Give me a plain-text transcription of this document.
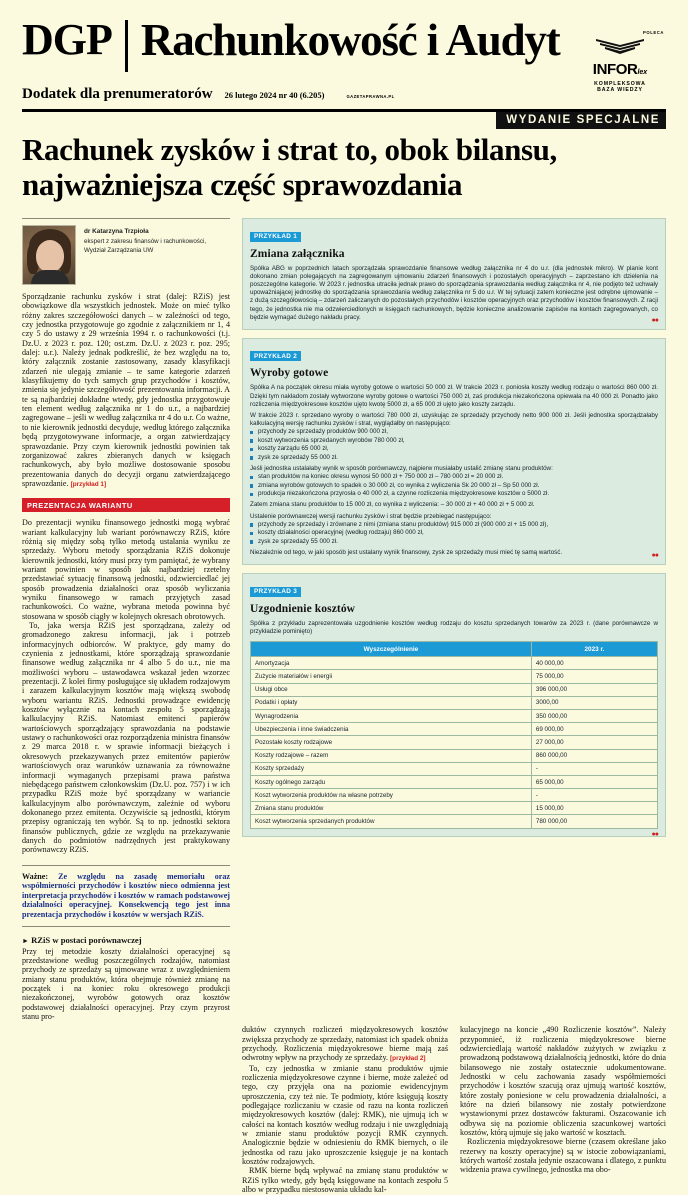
DGP Rachunkowość i Audyt
Dodatek dla prenumeratorów 26 lutego 2024 nr 40 (6.205)	GAZETAPRAWNA.PL
POLECA
INFORlex
KOMPLEKSOWA
BAZA WIEDZY
WYDANIE SPECJALNE
Rachunek zysków i strat to, obok bilansu, najważniejsza część sprawozdania
dr Katarzyna Trzpioła
ekspert z zakresu finansów i rachunkowości,
Wydział Zarządzania UW

Sporządzanie rachunku zysków i strat (dalej: RZiS) jest obowiązkowe dla wszystkich jednostek. Może on mieć tylko różny zakres szczegółowości danych – w zależności od tego, czy jednostka przygotowuje go zgodnie z załącznikiem nr 1, 4 czy 5 do ustawy z 29 września 1994 r. o rachunkowości (t.j. Dz.U. z 2023 r. poz. 120; ost.zm. Dz.U. z 2023 r. poz. 295; dalej: u.r.). Należy jednak podkreślić, że bez względu na to, który załącznik zostanie zastosowany, zasady klasyfikacji zdarzeń nie ulegają zmianie – te same kategorie zdarzeń klasyfikujemy do tych samych grup przychodów i kosztów, zmienia się jedynie szczegółowość prezentowania informacji. A te są najbardziej dokładne wtedy, gdy jednostka przygotowuje ten element według załącznika nr 1 do u.r., a najbardziej zagregowane – jeśli w według załącznika nr 4 do u.r. Co ważne, to nie kierownik jednostki decyduje, według którego załącznika będą przygotowywane informacje, a organ zatwierdzający sprawozdanie. Przy czym kierownik jednostki powinien tak zorganizować zakres zbieranych danych w księgach rachunkowych, aby było możliwe dostosowanie sposobu prezentowania danych do decyzji organu zatwierdzającego sprawozdanie. [przykład 1]

PREZENTACJA WARIANTU

Do prezentacji wyniku finansowego jednostki mogą wybrać wariant kalkulacyjny lub wariant porównawczy RZiS, które różnią się między sobą tylko metodą ustalania wyniku ze sprzedaży. Wyboru metody sporządzania RZiS dokonuje kierownik jednostki, który musi przy tym pamiętać, że wybrany wariant powinien w sposób jak najbardziej rzetelny przedstawiać sytuację finansową jednostki, odzwierciedlać jej sposób prowadzenia działalności oraz sposób wyliczania wyniku finansowego w ramach przyjętych zasad rachunkowości. Co ważne, wybrana metoda powinna być stosowana w sposób ciągły w kolejnych okresach obrotowych.

To, jaka wersja RZiS jest sporządzana, zależy od gromadzonego zakresu informacji, jak i potrzeb informacyjnych odbiorców. W praktyce, gdy mamy do czynienia z jednostkami, które sporządzają sprawozdanie finansowe według załącznika nr 4 albo 5 do u.r., nie ma możliwości wyboru – ustawodawca wskazał jeden wzorzec prezentacji. Z kolei firmy posługujące się układem rodzajowym i zarazem kalkulacyjnym kosztów mają większą swobodę wyboru wariantu RZiS. Jednostki prowadzące ewidencję kosztów wyłącznie na kontach zespołu 5 sporządzają kalkulacyjny RZiS. Natomiast emitenci papierów wartościowych sporządzający sprawozdania na podstawie ustawy o rachunkowości oraz rozporządzenia ministra finansów z 29 marca 2018 r. w sprawie informacji bieżących i okresowych przekazywanych przez emitentów papierów wartościowych oraz warunków uznawania za równoważne informacji wymaganych przepisami prawa państwa niebędącego państwem członkowskim (Dz.U. poz. 757) i w ich przypadku RZiS może być sporządzany w wariancie kalkulacyjnym albo porównawczym, zależnie od wyboru dokonanego przez emitenta. Oczywiście są jednostki, którym przepisy ograniczają ten wybór. Są to np. jednostki sektora finansów publicznych, gdzie ze względu na przekazywanie danych do podmiotów nadrzędnych jest praktykowany porównawczy RZiS.

Ważne: Ze względu na zasadę memoriału oraz współmierności przychodów i kosztów nieco odmienna jest interpretacja przychodów i kosztów w ramach podstawowej działalności operacyjnej. Konsekwencją tego jest inna prezentacja przychodów i kosztów w wersjach RZiS.

► RZiS w postaci porównawczej

Przy tej metodzie koszty działalności operacyjnej są przedstawione według poszczególnych rodzajów, natomiast przychody ze sprzedaży są ujmowane wraz z uwzględnieniem zmiany stanu produktów, która obejmuje również zmianę na początek i na koniec roku okresowego produkcji niezakończonej, wyrobów gotowych oraz kosztów podstawowej działalności operacyjnej. Przy czym przyrost stanu pro-

PRZYKŁAD 1
Zmiana załącznika

Spółka ABG w poprzednich latach sporządzała sprawozdanie finansowe według załącznika nr 4 do u.r. (dla jednostek mikro). W planie kont dokonano zmian polegających na zagregowanym ujmowaniu zdarzeń finansowych i pozostałych operacyjnych – zaprzestano ich dzielenia na poszczególne kategorie. W 2023 r. jednostka utraciła jednak prawo do sporządzania sprawozdania według załącznika nr 4, nie podjęto też uchwały upoważniającej jednostkę do sporządzania sprawozdania według załącznika nr 5 do u.r. W tej sytuacji zatem konieczne jest odrębne ujmowanie – z dużą szczegółowością – zdarzeń zaliczanych do pozostałych przychodów i kosztów operacyjnych oraz przychodów i kosztów finansowych. Z racji tego, że jednostka nie ma odzwierciedlonych w księgach rachunkowych, będzie konieczne analizowanie zapisów na kontach zagregowanych, co będzie wymagać dużego nakładu pracy.	●●
PRZYKŁAD 2
Wyroby gotowe

Spółka A na początek okresu miała wyroby gotowe o wartości 50 000 zł. W trakcie 2023 r. poniosła koszty według rodzaju o wartości 860 000 zł. Dzięki tym nakładom zostały wytworzone wyroby gotowe o wartości 750 000 zł, zaś produkcja niezakończona opiewała na 40 000 zł. Ponadto jako rozliczenia międzyokresowe kosztów ujęto kwotę 5000 zł, a 65 000 zł ujęto jako koszty zarządu.

W trakcie 2023 r. sprzedano wyroby o wartości 780 000 zł, uzyskując ze sprzedaży przychody netto 900 000 zł. Jeśli jednostka sporządzałaby kalkulacyjną wersję rachunku zysków i strat, wyglądałby on następująco:

przychody ze sprzedaży produktów 900 000 zł,
koszt wytworzenia sprzedanych wyrobów 780 000 zł,
koszty zarządu 65 000 zł,
zysk ze sprzedaży 55 000 zł.

Jeśli jednostka ustalałaby wynik w sposób porównawczy, najpierw musiałaby ustalić zmianę stanu produktów:

stan produktów na koniec okresu wynosi 50 000 zł + 750 000 zł – 780 000 zł = 20 000 zł.
zmiana wyrobów gotowych to spadek o 30 000 zł, co wynika z wyliczenia Sk 20 000 zł – Sp 50 000 zł.
produkcja niezakończona przyrosła o 40 000 zł, a czynne rozliczenia międzyokresowe kosztów o 5000 zł.

Zatem zmiana stanu produktów to 15 000 zł, co wynika z wyliczenia: – 30 000 zł + 40 000 zł + 5 000 zł.

Ustalenie porównawczej wersji rachunku zysków i strat będzie przebiegać następująco:

przychody ze sprzedaży i zrównane z nimi (zmiana stanu produktów) 915 000 zł (900 000 zł + 15 000 zł),
koszty działalności operacyjnej (według rodzaju) 860 000 zł,
zysk ze sprzedaży 55 000 zł.

Niezależnie od tego, w jaki sposób jest ustalany wynik finansowy, zysk ze sprzedaży musi mieć tę samą wartość.	●●
PRZYKŁAD 3
Uzgodnienie kosztów

Spółka z przykładu zaprezentowała uzgodnienie kosztów według rodzaju do kosztu sprzedanych towarów za 2023 r. (dane porównawcze w przykładzie pominięto)

Wyszczególnienie	2023 r.
Amortyzacja	40 000,00
Zużycie materiałów i energii	75 000,00
Usługi obce	396 000,00
Podatki i opłaty	3000,00
Wynagrodzenia	350 000,00
Ubezpieczenia i inne świadczenia	69 000,00
Pozostałe koszty rodzajowe	27 000,00
Koszty rodzajowe – razem	860 000,00
Koszty sprzedaży	-
Koszty ogólnego zarządu	65 000,00
Koszt wytworzenia produktów na własne potrzeby	-
Zmiana stanu produktów	15 000,00
Koszt wytworzenia sprzedanych produktów	780 000,00
●●

duktów czynnych rozliczeń międzyokresowych kosztów zwiększa przychody ze sprzedaży, natomiast ich spadek obniża przychody. Rozliczenia międzyokresowe bierne mają zaś odwrotny wpływ na przychody ze sprzedaży. [przykład 2]

To, czy jednostka w zmianie stanu produktów ujmie rozliczenia międzyokresowe czynne i bierne, może zależeć od tego, czy przyjęła ona na poziomie ewidencyjnym uproszczenia, czy też nie. Te podmioty, które księgują koszty podlegające rozliczaniu w czasie od razu na konta rozliczeń międzyokresowych kosztów (dalej: RMK), nie ujmują ich w całości na kontach kosztów według rodzaju i nie uwzględniają w zmianie stanu produktów pozycji RMK czynnych. Analogicznie będzie w odniesieniu do RMK biernych, o ile jednostka od razu jako uproszczenie księguje je na kontach kosztów rodzajowych.

RMK bierne będą wpływać na zmianę stanu produktów w RZiS tylko wtedy, gdy będą księgowane na kontach zespołu 5 albo w przypadku niestosowania układu kal-

kulacyjnego na koncie „490 Rozliczenie kosztów”. Należy przypomnieć, iż rozliczenia międzyokresowe bierne odzwierciedlają wartość nakładów zużytych w związku z prowadzoną podstawową działalnością jednostki, które do dnia bilansowego nie zostały ostatecznie udokumentowane. Jednostki w celu zachowania zasady współmierności przychodów i kosztów szacują oraz ujmują wartość kosztów, które zostały poniesione w celu prowadzenia działalności, a które na dzień bilansowy nie zostały potwierdzone wystawionymi przez dostawców fakturami. Oszacowanie ich odbywa się na poziomie obliczenia szacunkowej wartości kosztów, którą ujmuje się jako wartość w kosztach.

Rozliczenia międzyokresowe bierne (czasem określane jako rezerwy na koszty operacyjne) są w istocie zobowiązaniami, których wartość została jedynie oszacowana i dlatego, z punktu widzenia prawa cywilnego, jednostka ma obo-
